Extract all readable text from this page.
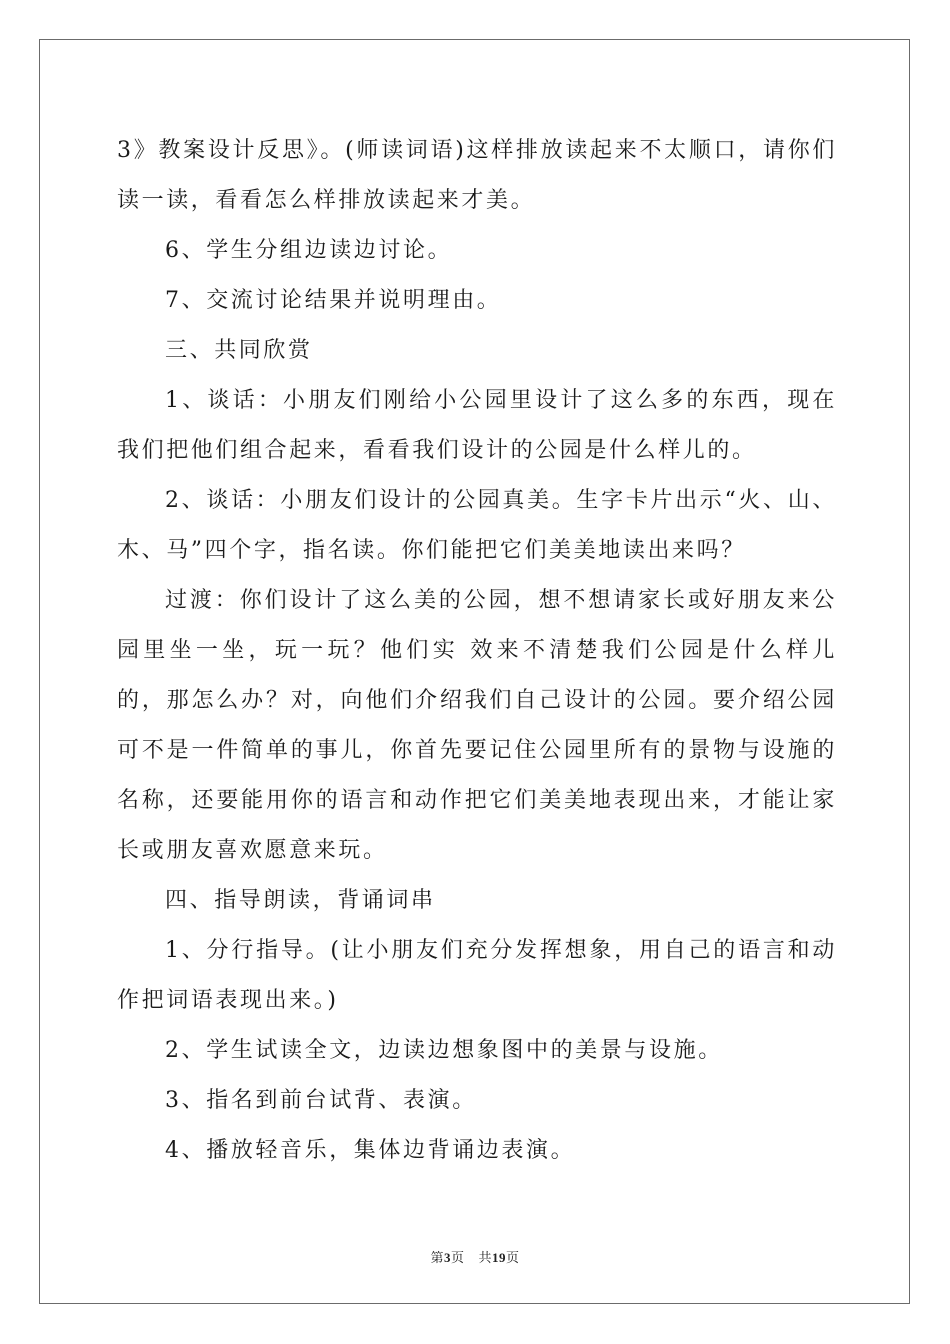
3》教案设计反思》。(师读词语)这样排放读起来不太顺口，请你们读一读，看看怎么样排放读起来才美。

6、学生分组边读边讨论。

7、交流讨论结果并说明理由。

三、共同欣赏

1、谈话：小朋友们刚给小公园里设计了这么多的东西，现在我们把他们组合起来，看看我们设计的公园是什么样儿的。

2、谈话：小朋友们设计的公园真美。生字卡片出示“火、山、木、马”四个字，指名读。你们能把它们美美地读出来吗？

过渡：你们设计了这么美的公园，想不想请家长或好朋友来公园里坐一坐，玩一玩？他们实 效来不清楚我们公园是什么样儿的，那怎么办？对，向他们介绍我们自己设计的公园。要介绍公园可不是一件简单的事儿，你首先要记住公园里所有的景物与设施的名称，还要能用你的语言和动作把它们美美地表现出来，才能让家长或朋友喜欢愿意来玩。

四、指导朗读，背诵词串

1、分行指导。(让小朋友们充分发挥想象，用自己的语言和动作把词语表现出来。)

2、学生试读全文，边读边想象图中的美景与设施。

3、指名到前台试背、表演。

4、播放轻音乐，集体边背诵边表演。

第3页 共19页
